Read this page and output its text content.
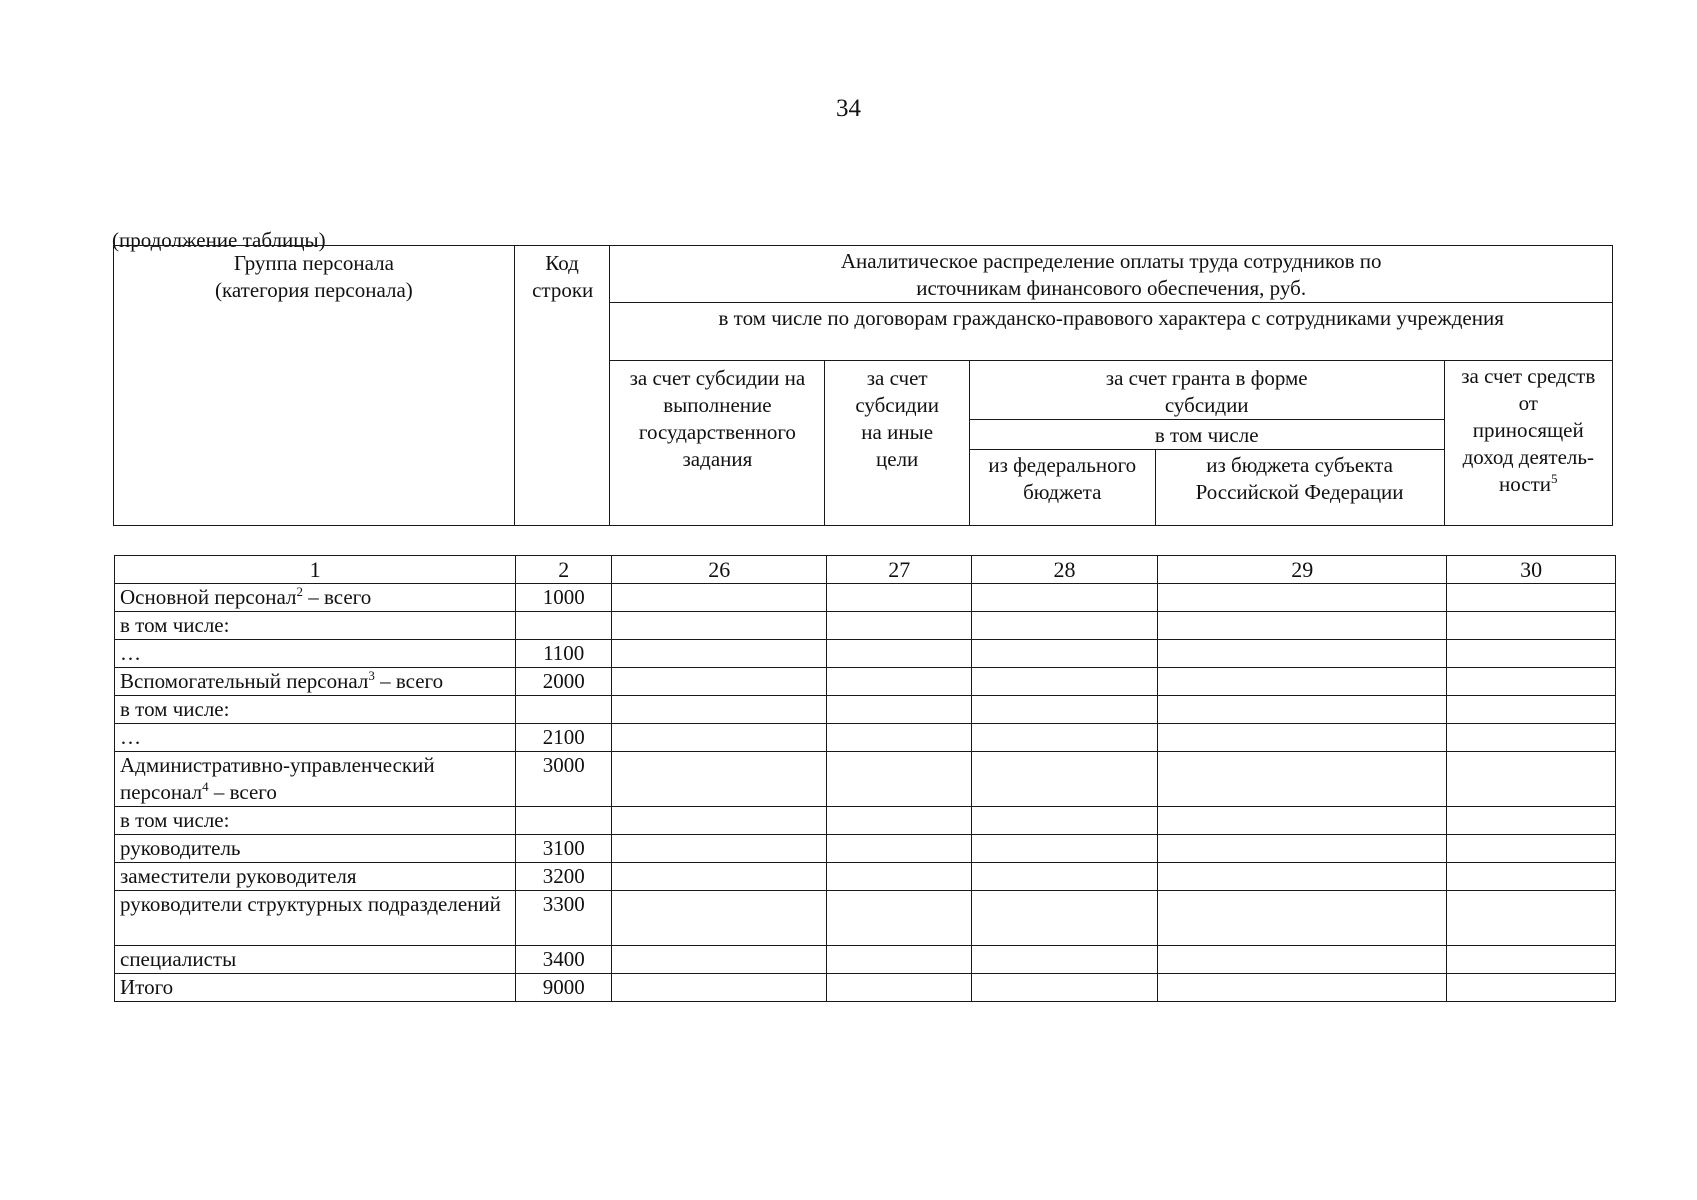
34
(продолжение таблицы)
Группа персонала (категория персонала)	Код строки	Аналитическое распределение оплаты труда сотрудников по источникам финансового обеспечения, руб.				

		в том числе по договорам гражданско-правового характера с сотрудниками учреждения				

		за счет субсидии на выполнение государственного задания	за счет субсидии на иные цели	за счет гранта в форме субсидии		за счет средств от приносящей доход деятель-ности$^5$

				в том числе		

				из федерального бюджета	из бюджета субъекта Российской Федерации	
1	2	26	27	28	29	30
Основной персонал$^2$ – всего	1000					
в том числе:						
…	1100					
Вспомогательный персонал$^3$ – всего	2000					
в том числе:						
…	2100					
Административно-управленческий персонал$^4$ – всего	3000					
в том числе:						
руководитель	3100					
заместители руководителя	3200					
руководители структурных подразделений	3300					
специалисты	3400					
Итого	9000					
